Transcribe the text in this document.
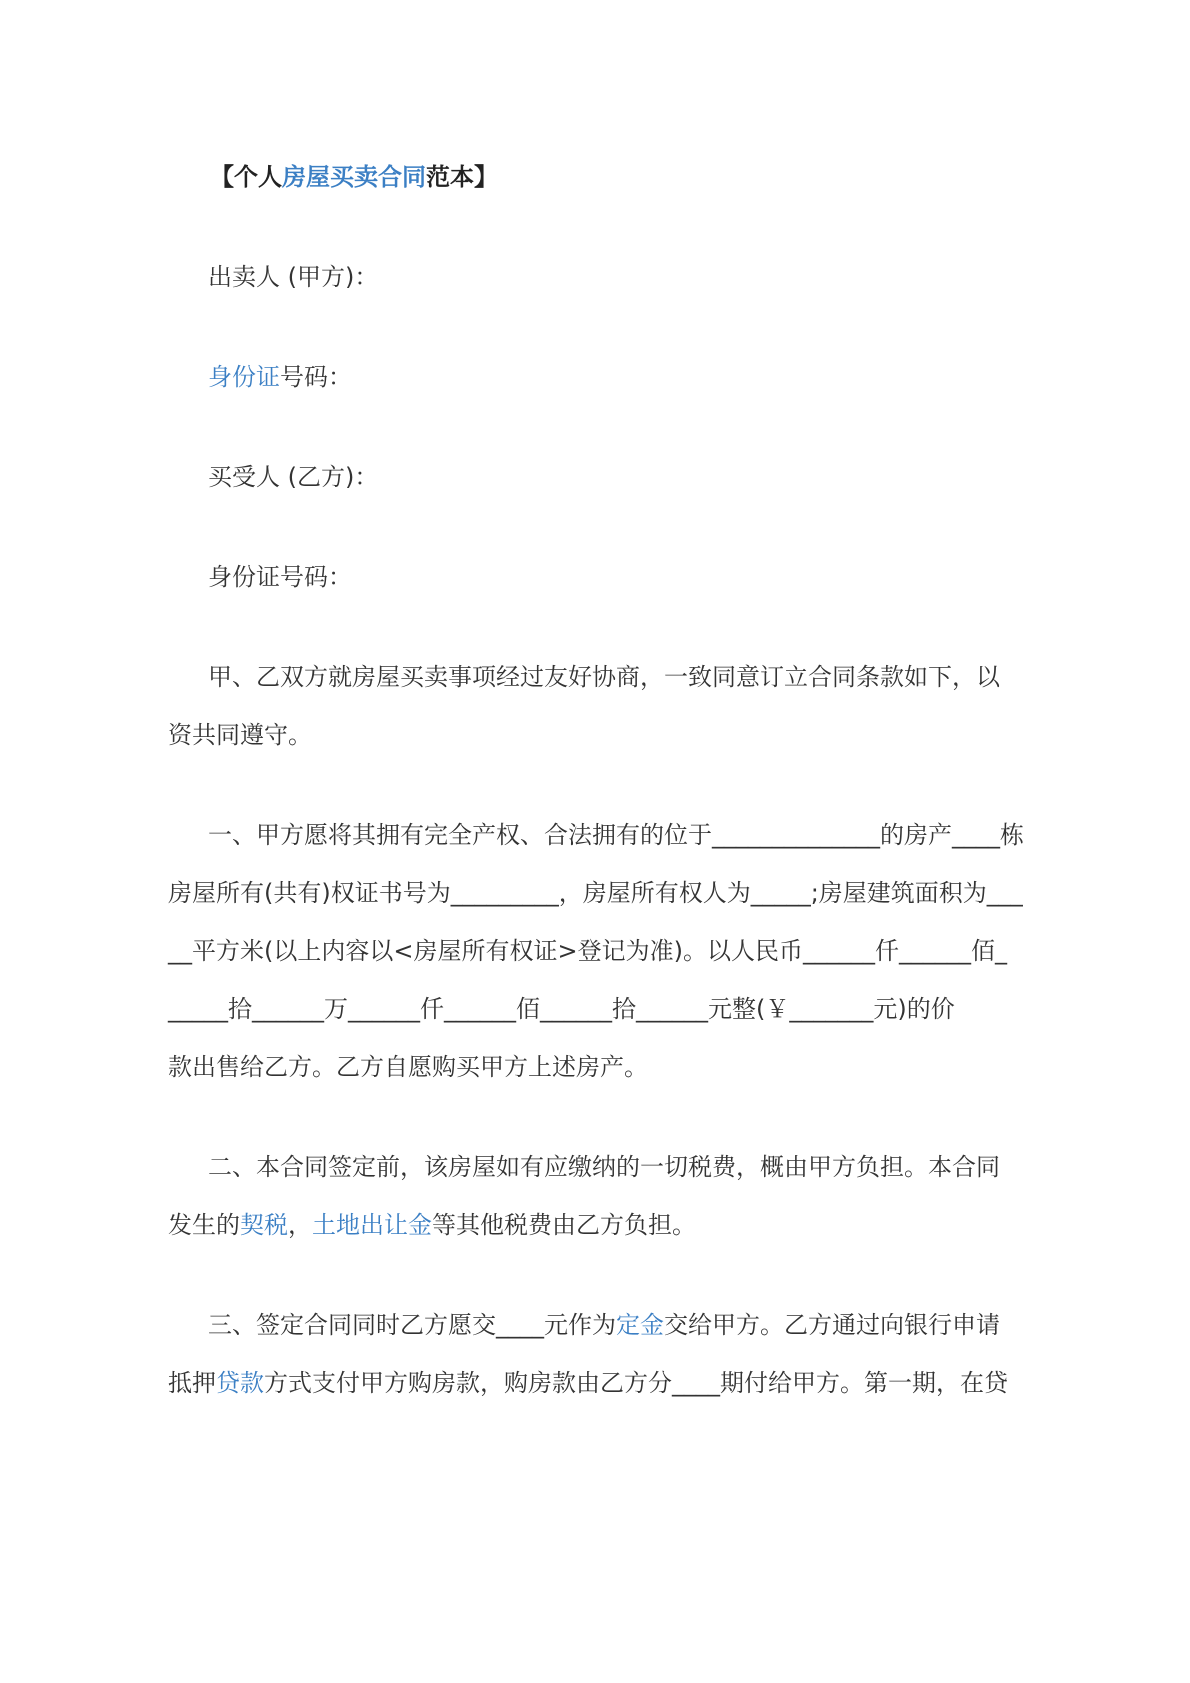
【个人房屋买卖合同范本】
出卖人 (甲方)：
身份证号码：
买受人 (乙方)：
身份证号码：
甲、乙双方就房屋买卖事项经过友好协商，一致同意订立合同条款如下，以
资共同遵守。
一、甲方愿将其拥有完全产权、合法拥有的位于______________的房产____栋
房屋所有(共有)权证书号为_________，房屋所有权人为_____;房屋建筑面积为___
__平方米(以上内容以<房屋所有权证>登记为准)。以人民币______仟______佰_
_____拾______万______仟______佰______拾______元整(￥_______元)的价
款出售给乙方。乙方自愿购买甲方上述房产。
二、本合同签定前，该房屋如有应缴纳的一切税费，概由甲方负担。本合同
发生的契税，土地出让金等其他税费由乙方负担。
三、签定合同同时乙方愿交____元作为定金交给甲方。乙方通过向银行申请
抵押贷款方式支付甲方购房款，购房款由乙方分____期付给甲方。第一期，在贷
